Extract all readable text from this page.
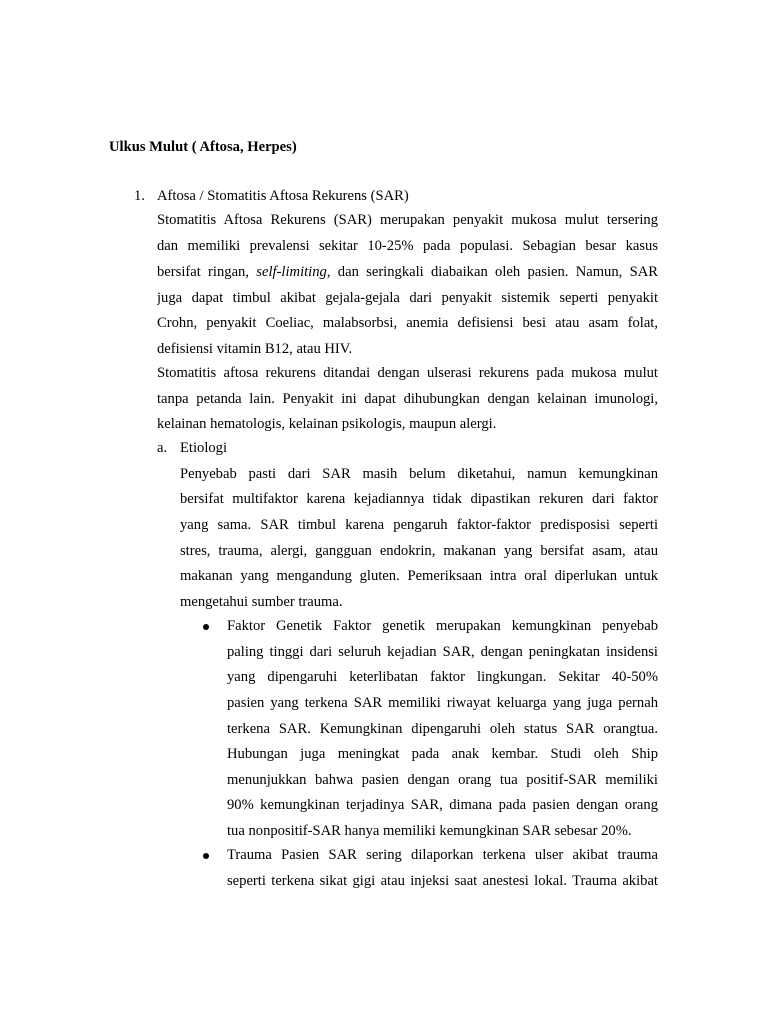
Ulkus Mulut ( Aftosa, Herpes)
1. Aftosa / Stomatitis Aftosa Rekurens (SAR)
Stomatitis Aftosa Rekurens (SAR) merupakan penyakit mukosa mulut tersering
dan memiliki prevalensi sekitar 10-25% pada populasi. Sebagian besar kasus
bersifat ringan, self-limiting, dan seringkali diabaikan oleh pasien. Namun, SAR
juga dapat timbul akibat gejala-gejala dari penyakit sistemik seperti penyakit
Crohn, penyakit Coeliac, malabsorbsi, anemia defisiensi besi atau asam folat,
defisiensi vitamin B12, atau HIV.
Stomatitis aftosa rekurens ditandai dengan ulserasi rekurens pada mukosa mulut
tanpa petanda lain. Penyakit ini dapat dihubungkan dengan kelainan imunologi,
kelainan hematologis, kelainan psikologis, maupun alergi.
a. Etiologi
Penyebab pasti dari SAR masih belum diketahui, namun kemungkinan
bersifat multifaktor karena kejadiannya tidak dipastikan rekuren dari faktor
yang sama. SAR timbul karena pengaruh faktor-faktor predisposisi seperti
stres, trauma, alergi, gangguan endokrin, makanan yang bersifat asam, atau
makanan yang mengandung gluten. Pemeriksaan intra oral diperlukan untuk
mengetahui sumber trauma.
Faktor Genetik Faktor genetik merupakan kemungkinan penyebab
paling tinggi dari seluruh kejadian SAR, dengan peningkatan insidensi
yang dipengaruhi keterlibatan faktor lingkungan. Sekitar 40-50%
pasien yang terkena SAR memiliki riwayat keluarga yang juga pernah
terkena SAR. Kemungkinan dipengaruhi oleh status SAR orangtua.
Hubungan juga meningkat pada anak kembar. Studi oleh Ship
menunjukkan bahwa pasien dengan orang tua positif-SAR memiliki
90% kemungkinan terjadinya SAR, dimana pada pasien dengan orang
tua nonpositif-SAR hanya memiliki kemungkinan SAR sebesar 20%.
Trauma Pasien SAR sering dilaporkan terkena ulser akibat trauma
seperti terkena sikat gigi atau injeksi saat anestesi lokal. Trauma akibat
